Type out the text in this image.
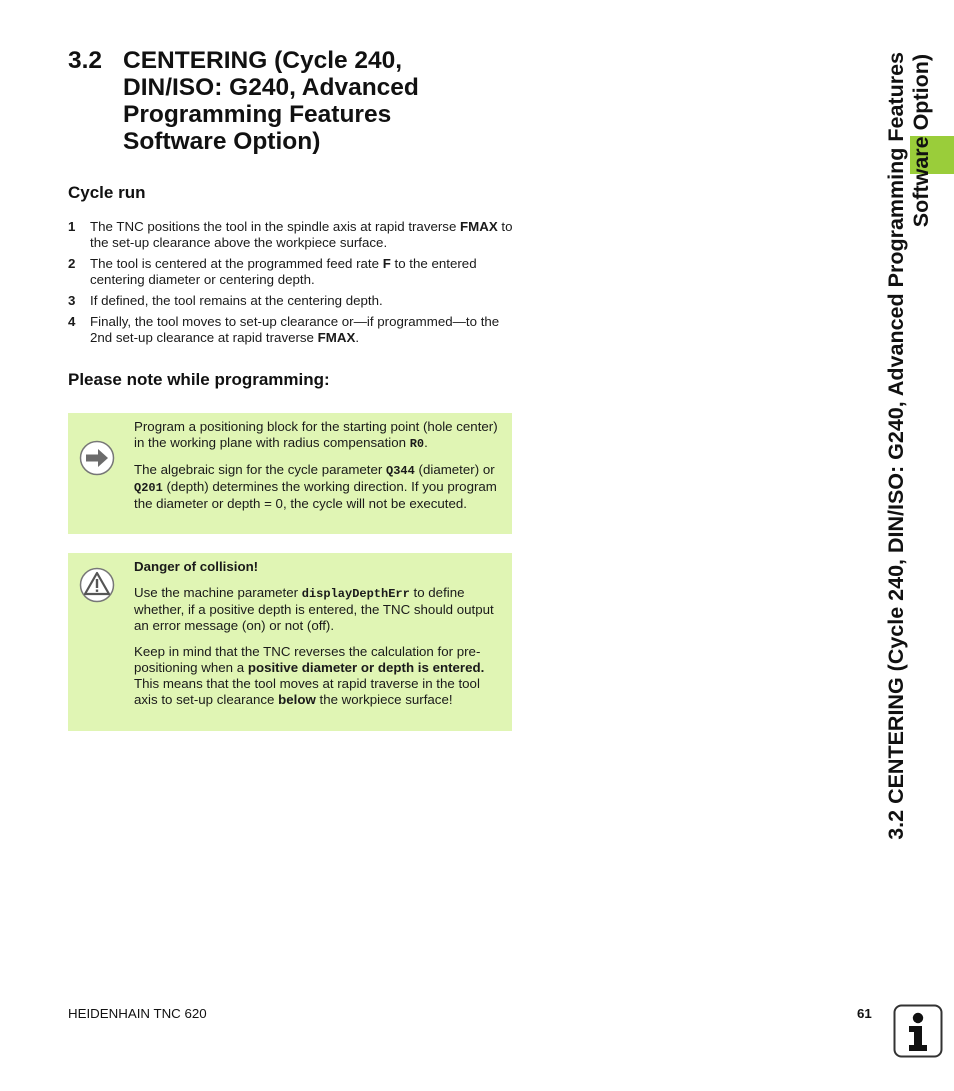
3.2 CENTERING (Cycle 240,
DIN/ISO: G240, Advanced
Programming Features
Software Option)
Cycle run
1 The TNC positions the tool in the spindle axis at rapid traverse FMAX to the set-up clearance above the workpiece surface.
2 The tool is centered at the programmed feed rate F to the entered centering diameter or centering depth.
3 If defined, the tool remains at the centering depth.
4 Finally, the tool moves to set-up clearance or—if programmed—to the 2nd set-up clearance at rapid traverse FMAX.
Please note while programming:

Program a positioning block for the starting point (hole center) in the working plane with radius compensation R0.

The algebraic sign for the cycle parameter Q344 (diameter) or Q201 (depth) determines the working direction. If you program the diameter or depth = 0, the cycle will not be executed.

Danger of collision!

Use the machine parameter displayDepthErr to define whether, if a positive depth is entered, the TNC should output an error message (on) or not (off).

Keep in mind that the TNC reverses the calculation for pre-positioning when a positive diameter or depth is entered. This means that the tool moves at rapid traverse in the tool axis to set-up clearance below the workpiece surface!	3.2 CENTERING (Cycle 240, DIN/ISO: G240, Advanced Programming Features Software Option)
HEIDENHAIN TNC 620	61
